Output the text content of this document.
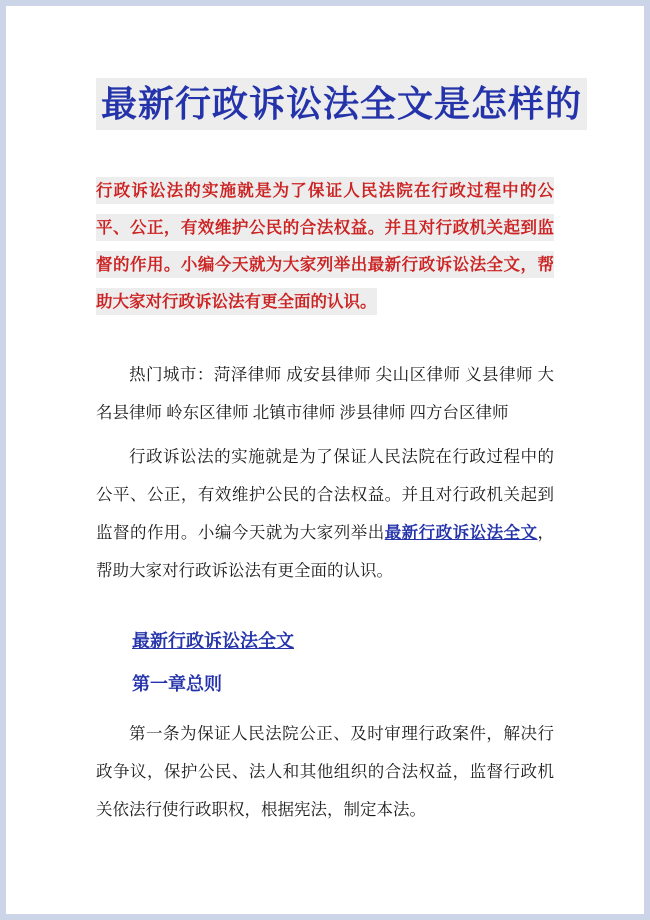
最新行政诉讼法全文是怎样的

行政诉讼法的实施就是为了保证人民法院在行政过程中的公平、公正，有效维护公民的合法权益。并且对行政机关起到监督的作用。小编今天就为大家列举出最新行政诉讼法全文，帮助大家对行政诉讼法有更全面的认识。

热门城市：菏泽律师 成安县律师 尖山区律师 义县律师 大名县律师 岭东区律师 北镇市律师 涉县律师 四方台区律师

行政诉讼法的实施就是为了保证人民法院在行政过程中的公平、公正，有效维护公民的合法权益。并且对行政机关起到监督的作用。小编今天就为大家列举出最新行政诉讼法全文，帮助大家对行政诉讼法有更全面的认识。

最新行政诉讼法全文

第一章总则

第一条为保证人民法院公正、及时审理行政案件，解决行政争议，保护公民、法人和其他组织的合法权益，监督行政机关依法行使行政职权，根据宪法，制定本法。
